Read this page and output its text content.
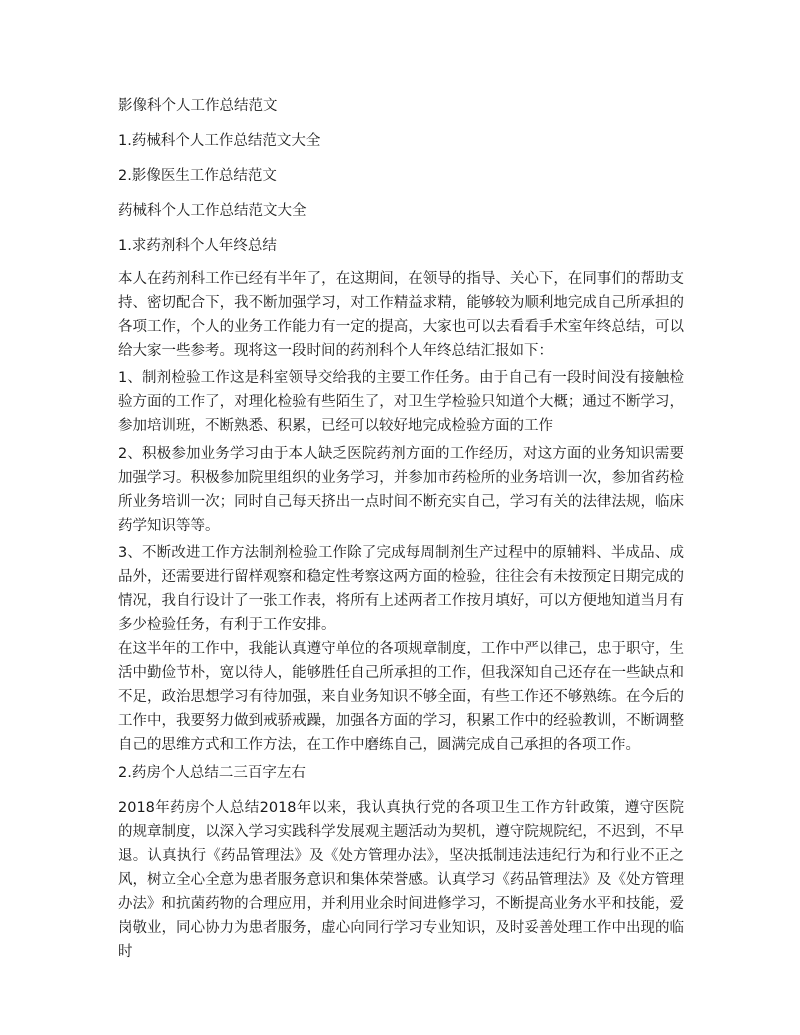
影像科个人工作总结范文

1.药械科个人工作总结范文大全

2.影像医生工作总结范文

药械科个人工作总结范文大全

1.求药剂科个人年终总结

本人在药剂科工作已经有半年了，在这期间，在领导的指导、关心下，在同事们的帮助支持、密切配合下，我不断加强学习，对工作精益求精，能够较为顺利地完成自己所承担的各项工作，个人的业务工作能力有一定的提高，大家也可以去看看手术室年终总结，可以给大家一些参考。现将这一段时间的药剂科个人年终总结汇报如下：

1、制剂检验工作这是科室领导交给我的主要工作任务。由于自己有一段时间没有接触检验方面的工作了，对理化检验有些陌生了，对卫生学检验只知道个大概；通过不断学习，参加培训班，不断熟悉、积累，已经可以较好地完成检验方面的工作

2、积极参加业务学习由于本人缺乏医院药剂方面的工作经历，对这方面的业务知识需要加强学习。积极参加院里组织的业务学习，并参加市药检所的业务培训一次，参加省药检所业务培训一次；同时自己每天挤出一点时间不断充实自己，学习有关的法律法规，临床药学知识等等。

3、不断改进工作方法制剂检验工作除了完成每周制剂生产过程中的原辅料、半成品、成品外，还需要进行留样观察和稳定性考察这两方面的检验，往往会有未按预定日期完成的情况，我自行设计了一张工作表，将所有上述两者工作按月填好，可以方便地知道当月有多少检验任务，有利于工作安排。

在这半年的工作中，我能认真遵守单位的各项规章制度，工作中严以律己，忠于职守，生活中勤俭节朴，宽以待人，能够胜任自己所承担的工作，但我深知自己还存在一些缺点和不足，政治思想学习有待加强，来自业务知识不够全面，有些工作还不够熟练。在今后的工作中，我要努力做到戒骄戒躁，加强各方面的学习，积累工作中的经验教训，不断调整自己的思维方式和工作方法，在工作中磨练自己，圆满完成自己承担的各项工作。

2.药房个人总结二三百字左右

2018年药房个人总结2018年以来，我认真执行党的各项卫生工作方针政策，遵守医院的规章制度，以深入学习实践科学发展观主题活动为契机，遵守院规院纪，不迟到，不早退。认真执行《药品管理法》及《处方管理办法》，坚决抵制违法违纪行为和行业不正之风，树立全心全意为患者服务意识和集体荣誉感。认真学习《药品管理法》及《处方管理办法》和抗菌药物的合理应用，并利用业余时间进修学习，不断提高业务水平和技能，爱岗敬业，同心协力为患者服务，虚心向同行学习专业知识，及时妥善处理工作中出现的临时
